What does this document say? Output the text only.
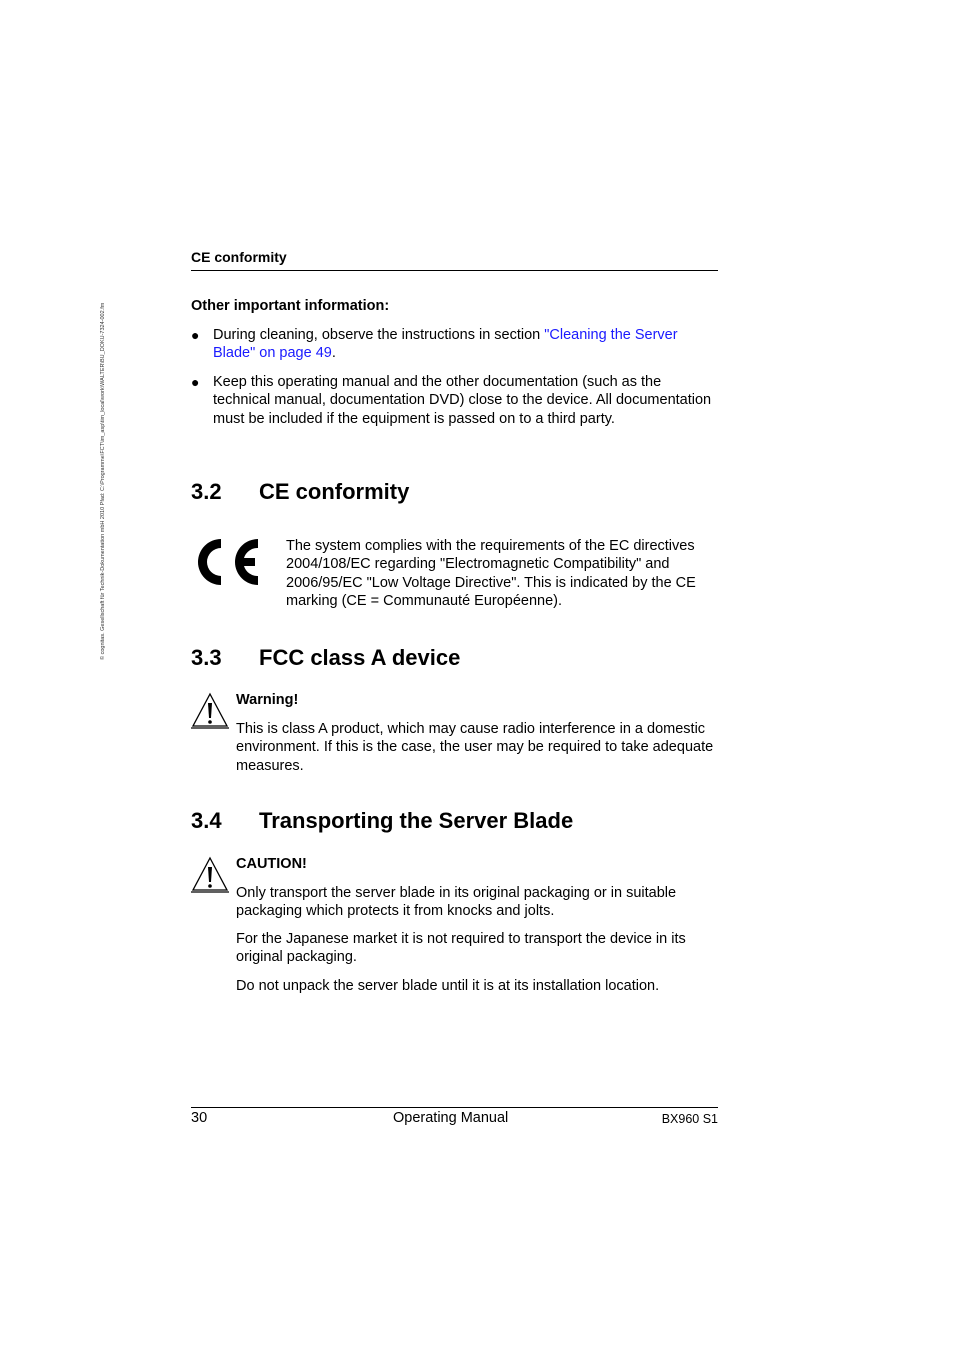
© cognitas. Gesellschaft für Technik-Dokumentation mbH 2010 Pfad: C:\Programme\FCT\im_asp\tim_local\work\WALTER\BU_DOKU-7324-002.fm
CE conformity
Other important information:
● During cleaning, observe the instructions in section "Cleaning the Server Blade" on page 49.
● Keep this operating manual and the other documentation (such as the technical manual, documentation DVD) close to the device. All documentation must be included if the equipment is passed on to a third party.
3.2 CE conformity
The system complies with the requirements of the EC directives 2004/108/EC regarding "Electromagnetic Compatibility" and 2006/95/EC "Low Voltage Directive". This is indicated by the CE marking (CE = Communauté Européenne).
3.3 FCC class A device
Warning!
This is class A product, which may cause radio interference in a domestic environment. If this is the case, the user may be required to take adequate measures.
3.4 Transporting the Server Blade
CAUTION!
Only transport the server blade in its original packaging or in suitable packaging which protects it from knocks and jolts.
For the Japanese market it is not required to transport the device in its original packaging.
Do not unpack the server blade until it is at its installation location.
30	Operating Manual	BX960 S1
